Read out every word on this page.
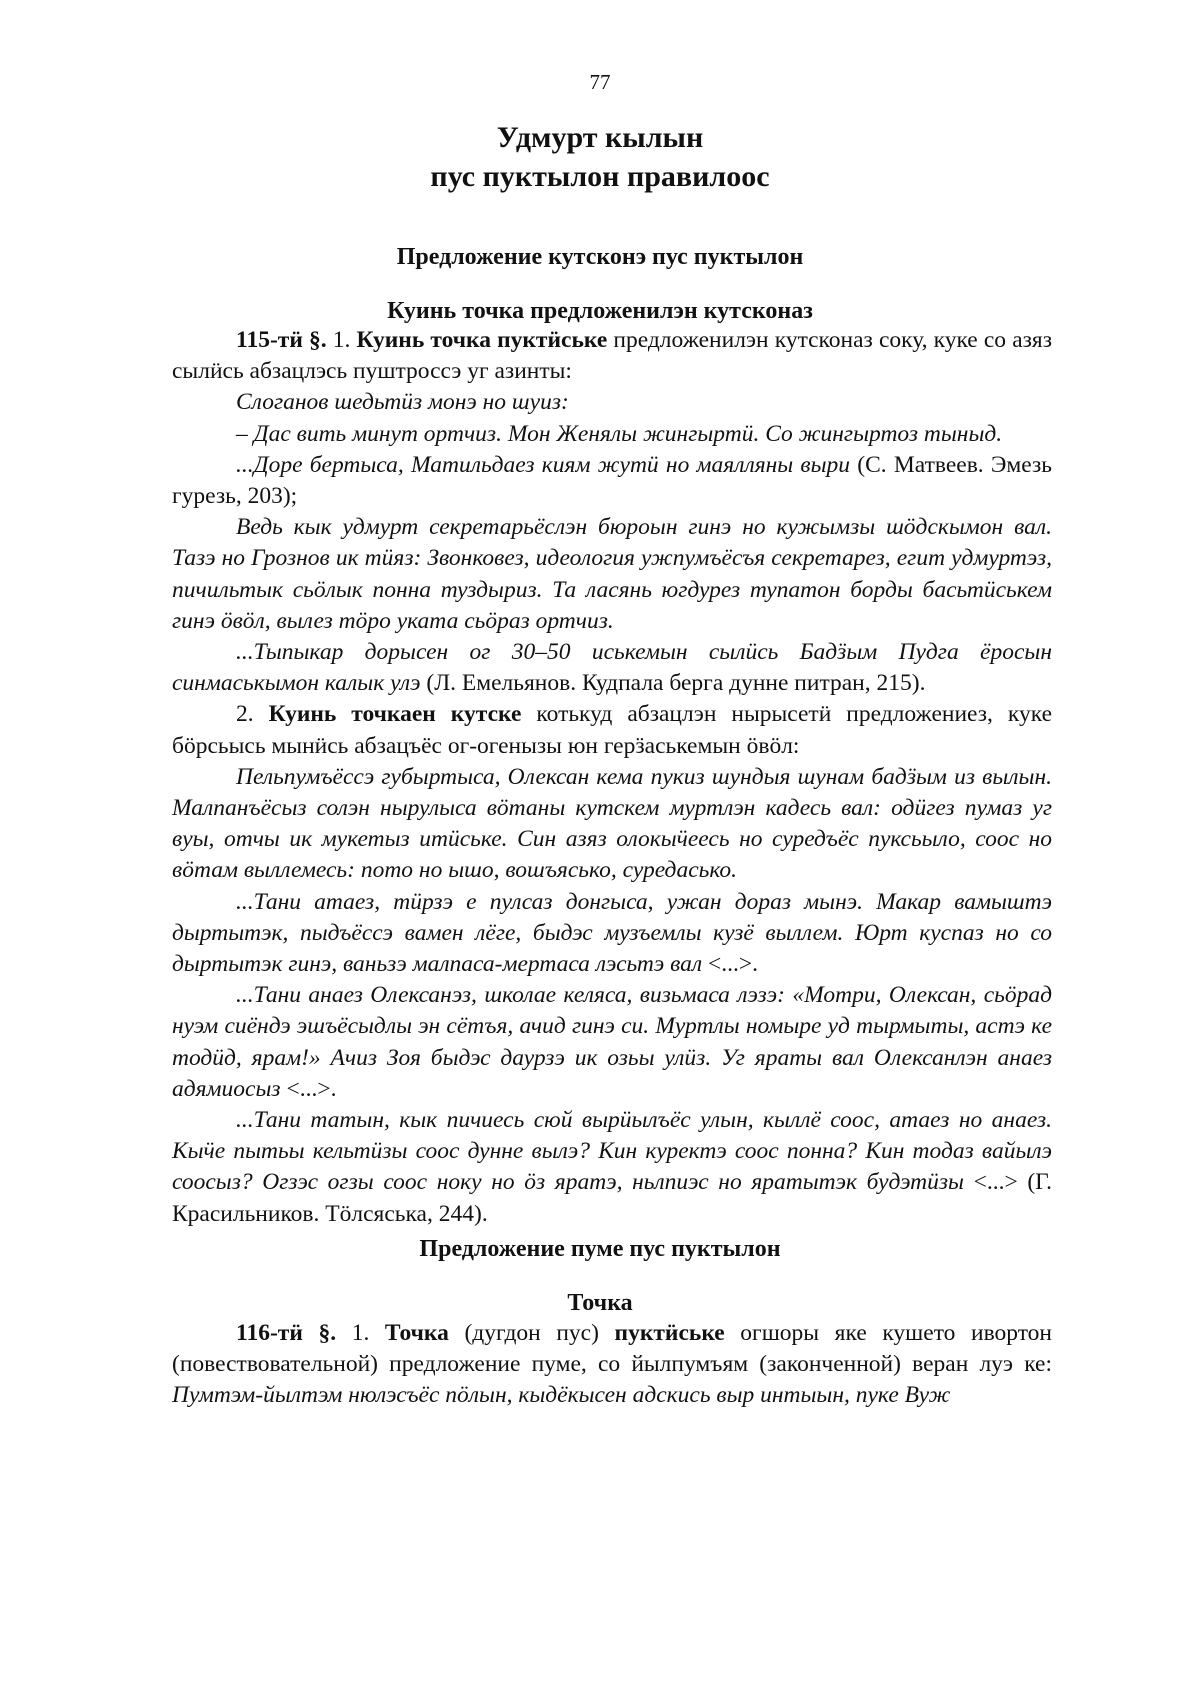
77
Удмурт кылын
пус пуктылон правилоос
Предложение кутсконэ пус пуктылон
Куинь точка предложенилэн кутсконаз

115-тӥ §. 1. Куинь точка пуктӥське предложенилэн кутсконаз соку, куке со азяз сылӥсь абзацлэсь пуштроссэ уг азинты:

Слоганов шедьтӥз монэ но шуиз:

– Дас вить минут ортчиз. Мон Женялы жингыртӥ. Со жингыртоз тыныд.

...Доре бертыса, Матильдаез киям жутӥ но маялляны выри (С. Матвеев. Эмезь гурезь, 203);

Ведь кык удмурт секретарьёслэн бюроын гинэ но кужымзы шӧдскымон вал. Тазэ но Грознов ик тӥяз: Звонковез, идеология ужпумъёсъя секретарез, егит удмуртэз, пичильтык сьӧлык понна туздыриз. Та ласянь югдурез тупатон борды басьтӥськем гинэ ӧвӧл, вылез тӧро уката сьӧраз ортчиз.

...Тыпыкар дорысен ог 30–50 иськемын сылӥсь Бадӟым Пудга ёросын синмаськымон калык улэ (Л. Емельянов. Кудпала берга дунне питран, 215).

2. Куинь точкаен кутске котькуд абзацлэн нырысетӥ предложениез, куке бӧрсьысь мынӥсь абзацъёс ог-огенызы юн герӟаськемын ӧвӧл:

Пельпумъёссэ губыртыса, Олексан кема пукиз шундыя шунам бадӟым из вылын. Малпанъёсыз солэн нырулыса вӧтаны кутскем муртлэн кадесь вал: одӥгез пумаз уг вуы, отчы ик мукетыз итӥське. Син азяз олокыӵеесь но суредъёс пуксьыло, соос но вӧтам выллемесь: пото но ышо, вошъясько, суредасько.

...Тани атаез, тӥрзэ е пулсаз донгыса, ужан дораз мынэ. Макар вамыштэ дыртытэк, пыдъёссэ вамен лёге, быдэс музъемлы кузё выллем. Юрт куспаз но со дыртытэк гинэ, ваньзэ малпаса-мертаса лэсьтэ вал <...>.

...Тани анаез Олексанэз, школае келяса, визьмаса лэзэ: «Мотри, Олексан, сьӧрад нуэм сиёндэ эшъёсыдлы эн сётъя, ачид гинэ си. Муртлы номыре уд тырмыты, астэ ке тодӥд, ярам!» Ачиз Зоя быдэс даурзэ ик озьы улӥз. Уг яраты вал Олексанлэн анаез адямиосыз <...>.

...Тани татын, кык пичиесь сюй вырӥылъёс улын, кыллё соос, атаез но анаез. Кыӵе пытьы кельтӥзы соос дунне вылэ? Кин куректэ соос понна? Кин тодаз вайылэ соосыз? Огзэс огзы соос ноку но ӧз яратэ, ньлпиэс но яратытэк будэтӥзы <...> (Г. Красильников. Тӧлсяська, 244).

Предложение пуме пус пуктылон
Точка

116-тӥ §. 1. Точка (дугдон пус) пуктӥське огшоры яке кушето ивортон (повествовательной) предложение пуме, со йылпумъям (законченной) веран луэ ке: Пумтэм-йылтэм нюлэсъёс пӧлын, кыдёкысен адскись выр интыын, пуке Вуж
